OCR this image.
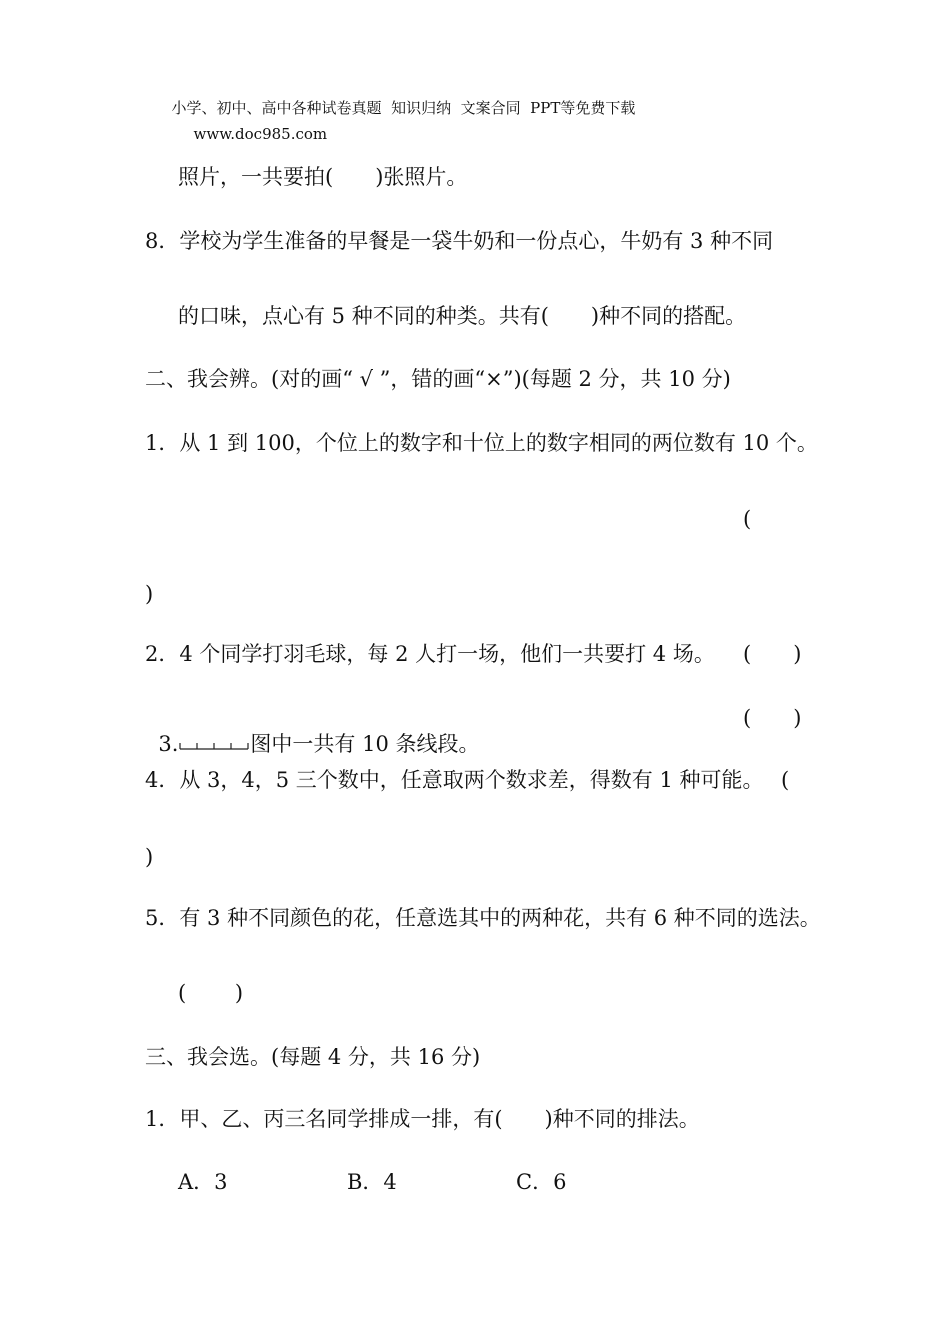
小学、初中、高中各种试卷真题  知识归纳  文案合同  PPT等免费下载
www.doc985.com

照片，一共要拍(　　)张照片。
8．学校为学生准备的早餐是一袋牛奶和一份点心，牛奶有 3 种不同
的口味，点心有 5 种不同的种类。共有(　　)种不同的搭配。
二、我会辨。(对的画“ √ ”，错的画“×”)(每题 2 分，共 10 分)
1．从 1 到 100，个位上的数字和十位上的数字相同的两位数有 10 个。
(
)
2．4 个同学打羽毛球，每 2 人打一场，他们一共要打 4 场。 (　　)

3.	图中一共有 10 条线段。

(　　)
4．从 3，4，5 三个数中，任意取两个数求差，得数有 1 种可能。 (
)
5．有 3 种不同颜色的花，任意选其中的两种花，共有 6 种不同的选法。
(　　 )
三、我会选。(每题 4 分，共 16 分)
1．甲、乙、丙三名同学排成一排，有(　　)种不同的排法。
A．3	B．4	C．6
